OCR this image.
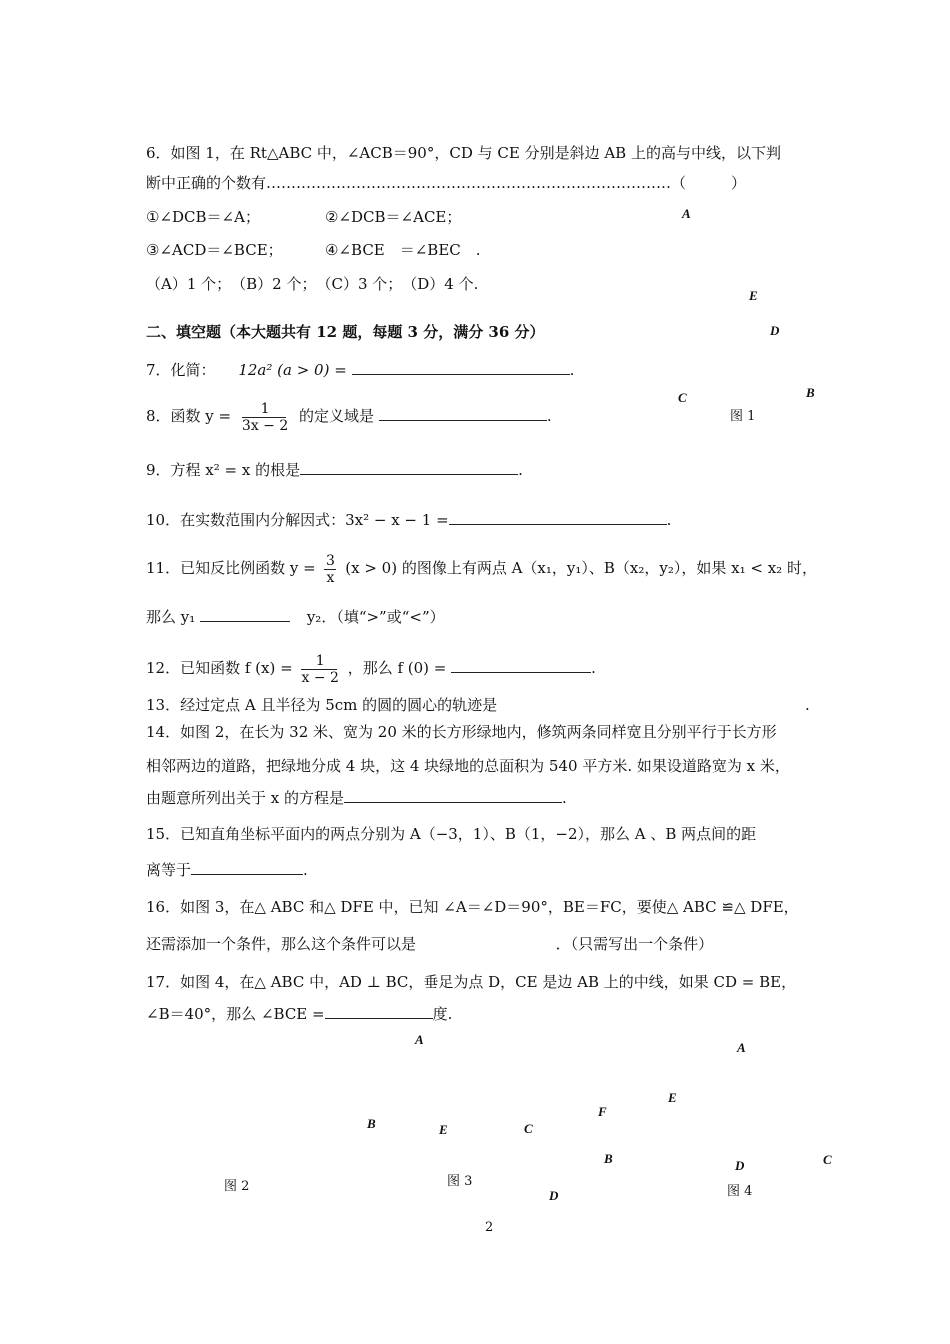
6．如图 1，在 Rt△ABC 中，∠ACB＝90°，CD 与 CE 分别是斜边 AB 上的高与中线，以下判
断中正确的个数有………………………………………………………………………（　　　）
①∠DCB＝∠A；	②∠DCB＝∠ACE；
③∠ACD＝∠BCE；	④∠BCE　＝∠BEC　.
（A）1 个；　（B）2 个；　（C）3 个；　（D）4 个.
A
E
D
C	B
图 1
二、填空题（本大题共有 12 题，每题 3 分，满分 36 分）
7．化简： 12a² (a > 0) =	.
8．函数 $y = \frac{1}{3x - 2}$ 的定义域是	.
9．方程 x² = x 的根是	.
10．在实数范围内分解因式：3x² − x − 1 =	.
11．已知反比例函数 $y = \frac{3}{x} (x > 0)$ 的图像上有两点 A（x₁，y₁）、B（x₂，y₂），如果 x₁ < x₂ 时，
那么 y₁	y₂．（填“>”或“<”）
12．已知函数 f $(x) = \frac{1}{x - 2}$ ，那么 f (0) =	.
13．经过定点 A 且半径为 5cm 的圆的圆心的轨迹是	.
14．如图 2，在长为 32 米、宽为 20 米的长方形绿地内，修筑两条同样宽且分别平行于长方形
相邻两边的道路，把绿地分成 4 块，这 4 块绿地的总面积为 540 平方米. 如果设道路宽为 x 米，
由题意所列出关于 x 的方程是	.
15．已知直角坐标平面内的两点分别为 A（−3，1）、B（1，−2），那么 A 、B 两点间的距
离等于	.
16．如图 3，在△ ABC 和△ DFE 中，已知 ∠A＝∠D＝90°，BE＝FC，要使△ ABC ≌△ DFE，
还需添加一个条件，那么这个条件可以是	．（只需写出一个条件）
17．如图 4，在△ ABC 中，AD ⊥ BC，垂足为点 D，CE 是边 AB 上的中线，如果 CD = BE，
∠B＝40°，那么 ∠BCE =	度.
A
B	E	C
F
D
图 3
图 2
A
E
B	D	C
图 4
2
